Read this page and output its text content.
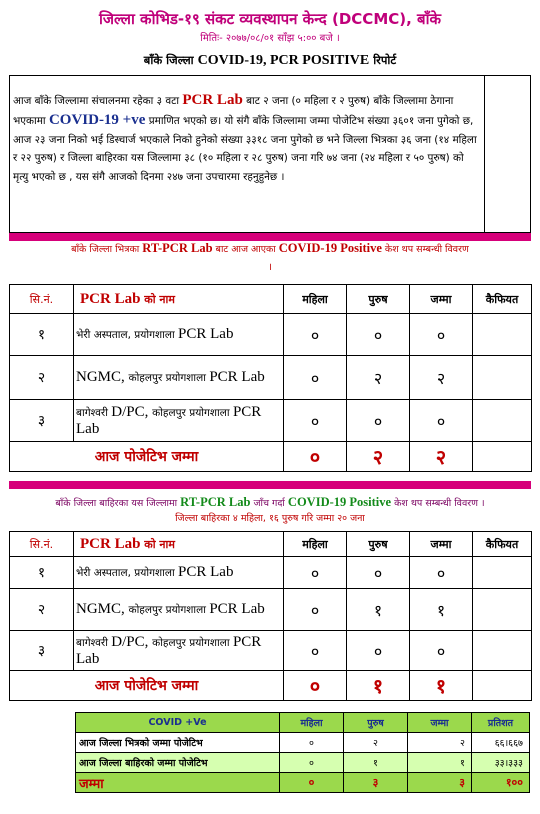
जिल्ला कोभिड-१९ संकट व्यवस्थापन केन्द (DCCMC), बाँके
मितिः- २०७७/०८/०१ साँझ ५:०० बजे ।
बाँके जिल्ला COVID-19, PCR POSITIVE रिपोर्ट
आज बाँके जिल्लामा संचालनमा रहेका ३ वटा PCR Lab बाट २ जना (० महिला र २ पुरुष) बाँके जिल्लामा ठेगाना भएकामा COVID-19 +ve प्रमाणित भएको छ। यो संगै बाँके जिल्लामा जम्मा पोजेटिभ संख्या ३६०१ जना पुगेको छ, आज २३ जना निको भई डिस्चार्ज भएकाले निको हुनेको संख्या ३३१८ जना पुगेको छ भने जिल्ला भित्रका ३६ जना (१४ महिला र २२ पुरुष) र जिल्ला बाहिरका यस जिल्लामा ३८ (१० महिला र २८ पुरुष) जना गरि ७४ जना (२४ महिला र ५० पुरुष) को मृत्यु भएको छ , यस संगै आजको दिनमा २४७ जना उपचारमा रहनुहुनेछ ।
बाँके जिल्ला भित्रका RT-PCR Lab बाट आज आएका COVID-19 Positive केश थप सम्बन्धी विवरण
।
सि.नं.	PCR Lab को नाम	महिला	पुरुष	जम्मा	कैफियत
१	भेरी अस्पताल, प्रयोगशाला PCR Lab	०	०	०	
२	NGMC, कोहलपुर प्रयोगशाला PCR Lab	०	२	२	
३	बागेश्वरी D/PC, कोहलपुर प्रयोगशाला PCR Lab	०	०	०	
आज पोजेटिभ जम्मा		०	२	२	
बाँके जिल्ला बाहिरका यस जिल्लामा RT-PCR Lab जाँच गर्दा COVID-19 Positive केश थप सम्बन्धी विवरण ।
जिल्ला बाहिरका ४ महिला, १६ पुरुष गरि जम्मा २० जना
सि.नं.	PCR Lab को नाम	महिला	पुरुष	जम्मा	कैफियत
१	भेरी अस्पताल, प्रयोगशाला PCR Lab	०	०	०	
२	NGMC, कोहलपुर प्रयोगशाला PCR Lab	०	१	१	
३	बागेश्वरी D/PC, कोहलपुर प्रयोगशाला PCR Lab	०	०	०	
आज पोजेटिभ जम्मा		०	१	१	
COVID +Ve	महिला	पुरुष	जम्मा	प्रतिशत
आज जिल्ला भित्रको जम्मा पोजेटिभ	०	२	२	६६।६६७
आज जिल्ला बाहिरको जम्मा पोजेटिभ	०	१	१	३३।३३३
जम्मा	०	३	३	१००
